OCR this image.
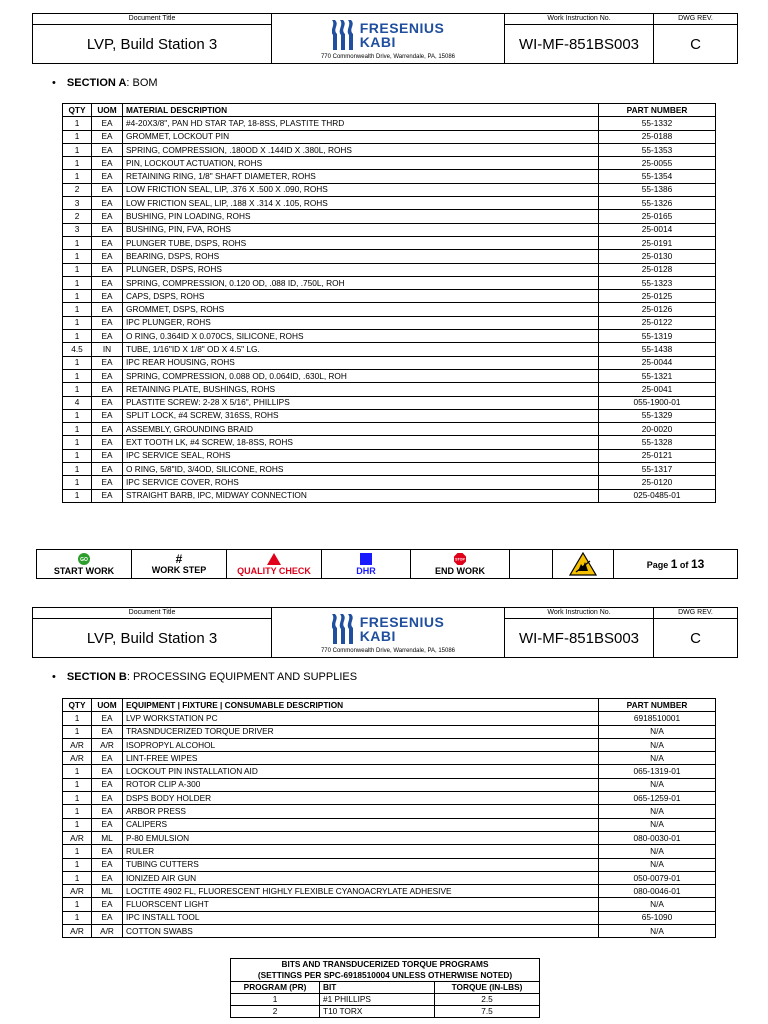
Document Title	FRESENIUS
KABI
770 Commonwealth Drive, Warrendale, PA, 15086	Work Instruction No.	DWG REV.
LVP, Build Station 3		WI-MF-851BS003	C
• SECTION A: BOM
QTY	UOM	MATERIAL DESCRIPTION	PART NUMBER
1	EA	#4-20X3/8", PAN HD STAR TAP, 18-8SS, PLASTITE THRD	55-1332
1	EA	GROMMET, LOCKOUT PIN	25-0188
1	EA	SPRING, COMPRESSION, .180OD X .144ID X .380L, ROHS	55-1353
1	EA	PIN, LOCKOUT ACTUATION, ROHS	25-0055
1	EA	RETAINING RING, 1/8" SHAFT DIAMETER, ROHS	55-1354
2	EA	LOW FRICTION SEAL, LIP, .376 X .500 X .090, ROHS	55-1386
3	EA	LOW FRICTION SEAL, LIP, .188 X .314 X .105, ROHS	55-1326
2	EA	BUSHING, PIN LOADING, ROHS	25-0165
3	EA	BUSHING, PIN, FVA, ROHS	25-0014
1	EA	PLUNGER TUBE, DSPS, ROHS	25-0191
1	EA	BEARING, DSPS, ROHS	25-0130
1	EA	PLUNGER, DSPS, ROHS	25-0128
1	EA	SPRING, COMPRESSION, 0.120 OD, .088 ID, .750L, ROH	55-1323
1	EA	CAPS, DSPS, ROHS	25-0125
1	EA	GROMMET, DSPS, ROHS	25-0126
1	EA	IPC PLUNGER, ROHS	25-0122
1	EA	O RING, 0.364ID X 0.070CS, SILICONE, ROHS	55-1319
4.5	IN	TUBE, 1/16"ID X 1/8" OD X 4.5" LG.	55-1438
1	EA	IPC REAR HOUSING, ROHS	25-0044
1	EA	SPRING, COMPRESSION, 0.088 OD, 0.064ID, .630L, ROH	55-1321
1	EA	RETAINING PLATE, BUSHINGS, ROHS	25-0041
4	EA	PLASTITE SCREW: 2-28 X 5/16", PHILLIPS	055-1900-01
1	EA	SPLIT LOCK, #4 SCREW, 316SS, ROHS	55-1329
1	EA	ASSEMBLY, GROUNDING BRAID	20-0020
1	EA	EXT TOOTH LK, #4 SCREW, 18-8SS, ROHS	55-1328
1	EA	IPC SERVICE SEAL, ROHS	25-0121
1	EA	O RING, 5/8"ID, 3/4OD, SILICONE, ROHS	55-1317
1	EA	IPC SERVICE COVER, ROHS	25-0120
1	EA	STRAIGHT BARB, IPC, MIDWAY CONNECTION	025-0485-01
GO
START WORK	
#
WORK STEP	QUALITY CHECK	DHR	
STOP
END WORK		
	Page 1 of 13
Document Title	FRESENIUS
KABI
770 Commonwealth Drive, Warrendale, PA, 15086	Work Instruction No.	DWG REV.
LVP, Build Station 3		WI-MF-851BS003	C
• SECTION B: PROCESSING EQUIPMENT AND SUPPLIES
QTY	UOM	EQUIPMENT | FIXTURE | CONSUMABLE DESCRIPTION	PART NUMBER
1	EA	LVP WORKSTATION PC	6918510001
1	EA	TRASNDUCERIZED TORQUE DRIVER	N/A
A/R	A/R	ISOPROPYL ALCOHOL	N/A
A/R	EA	LINT-FREE WIPES	N/A
1	EA	LOCKOUT PIN INSTALLATION AID	065-1319-01
1	EA	ROTOR CLIP A-300	N/A
1	EA	DSPS BODY HOLDER	065-1259-01
1	EA	ARBOR PRESS	N/A
1	EA	CALIPERS	N/A
A/R	ML	P-80 EMULSION	080-0030-01
1	EA	RULER	N/A
1	EA	TUBING CUTTERS	N/A
1	EA	IONIZED AIR GUN	050-0079-01
A/R	ML	LOCTITE 4902 FL, FLUORESCENT HIGHLY FLEXIBLE CYANOACRYLATE ADHESIVE	080-0046-01
1	EA	FLUORSCENT LIGHT	N/A
1	EA	IPC INSTALL TOOL	65-1090
A/R	A/R	COTTON SWABS	N/A
BITS AND TRANSDUCERIZED TORQUE PROGRAMS
(SETTINGS PER SPC-6918510004 UNLESS OTHERWISE NOTED)		

PROGRAM (PR)	BIT	TORQUE (IN-LBS)
1	#1 PHILLIPS	2.5
2	T10 TORX	7.5
